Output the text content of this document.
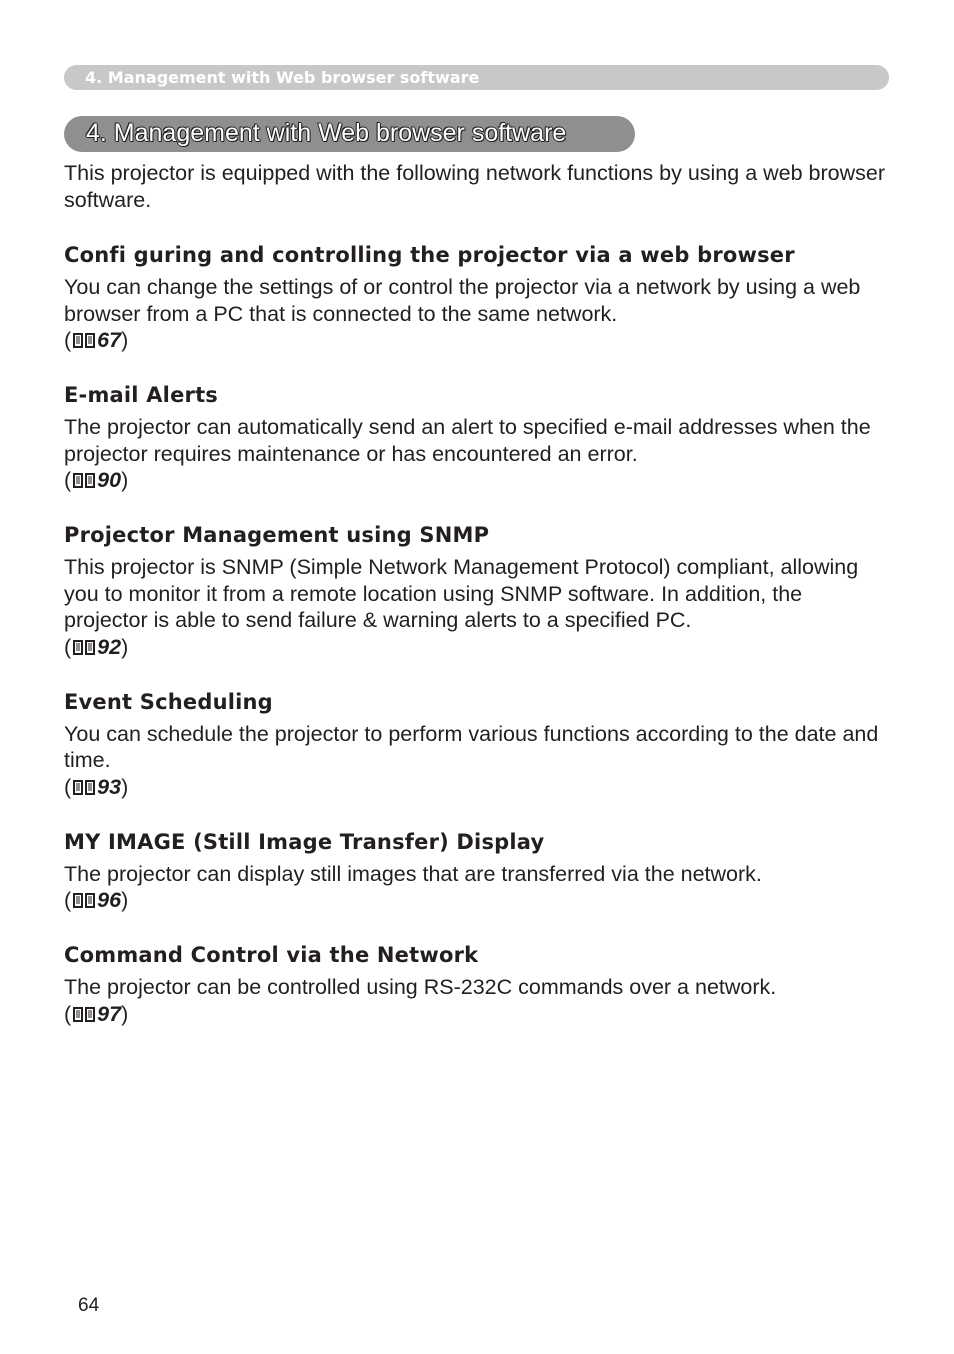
4. Management with Web browser software
4. Management with Web browser software

This projector is equipped with the following network functions by using a web browser software.

Confi guring and controlling the projector via a web browser

You can change the settings of or control the projector via a network by using a web browser from a PC that is connected to the same network.

( 67)
E-mail Alerts

The projector can automatically send an alert to specified e-mail addresses when the projector requires maintenance or has encountered an error.

( 90)
Projector Management using SNMP

This projector is SNMP (Simple Network Management Protocol) compliant, allowing you to monitor it from a remote location using SNMP software. In addition, the projector is able to send failure & warning alerts to a specified PC.

( 92)
Event Scheduling

You can schedule the projector to perform various functions according to the date and time.

( 93)
MY IMAGE (Still Image Transfer) Display

The projector can display still images that are transferred via the network.

( 96)
Command Control via the Network

The projector can be controlled using RS-232C commands over a network.

( 97)
64
